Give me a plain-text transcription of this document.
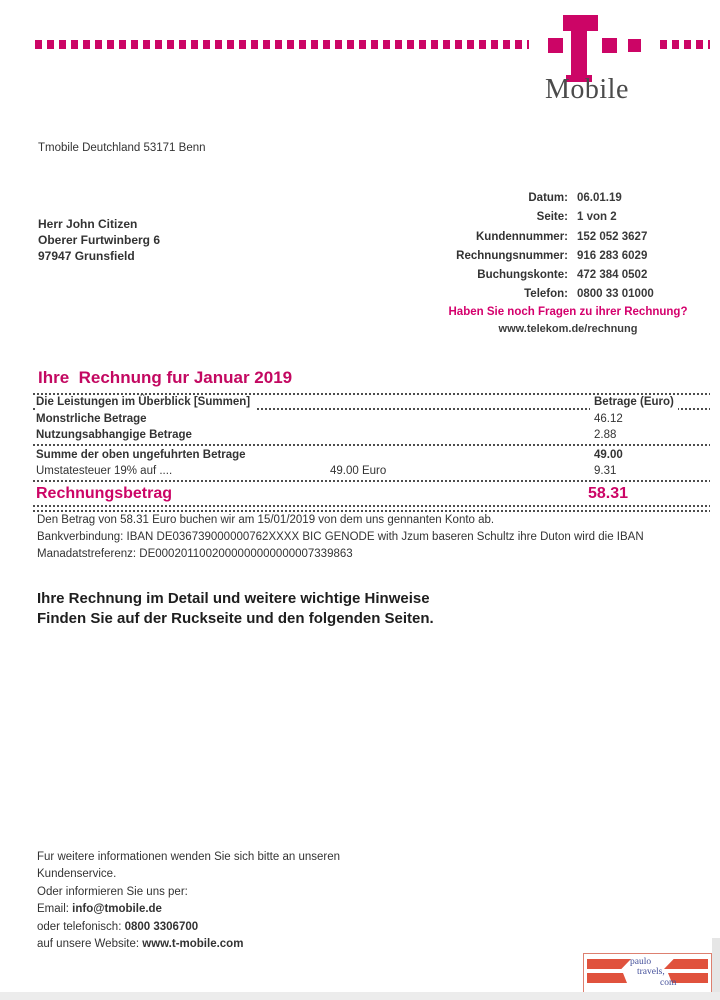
Mobile
Tmobile Deutchland 53171 Benn
Herr John Citizen
Oberer Furtwinberg 6
97947 Grunsfield
Datum: 06.01.19
Seite: 1 von 2
Kundennummer: 152 052 3627
Rechnungsnummer: 916 283 6029
Buchungskonte: 472 384 0502
Telefon: 0800 33 01000
Haben Sie noch Fragen zu ihrer Rechnung?
www.telekom.de/rechnung
Ihre  Rechnung fur Januar 2019
Die Leistungen im Überblick [Summen]	Betrage (Euro)
Monstrliche Betrage	46.12
Nutzungsabhangige Betrage	2.88
Summe der oben ungefuhrten Betrage	49.00
Umstatesteuer 19% auf ....	49.00 Euro	9.31
Rechnungsbetrag	58.31
Den Betrag von 58.31 Euro buchen wir am 15/01/2019 von dem uns gennanten Konto ab.
Bankverbindung: IBAN DE036739000000762XXXX BIC GENODE with Jzum baseren Schultz ihre Duton wird die IBAN
Manadatstreferenz: DE0002011002000000000000007339863
Ihre Rechnung im Detail und weitere wichtige Hinweise
Finden Sie auf der Ruckseite und den folgenden Seiten.
Fur weitere informationen wenden Sie sich bitte an unseren
Kundenservice.
Oder informieren Sie uns per:
Email: info@tmobile.de
oder telefonisch: 0800 3306700
auf unsere Website: www.t-mobile.com
paulo
travels,
com
